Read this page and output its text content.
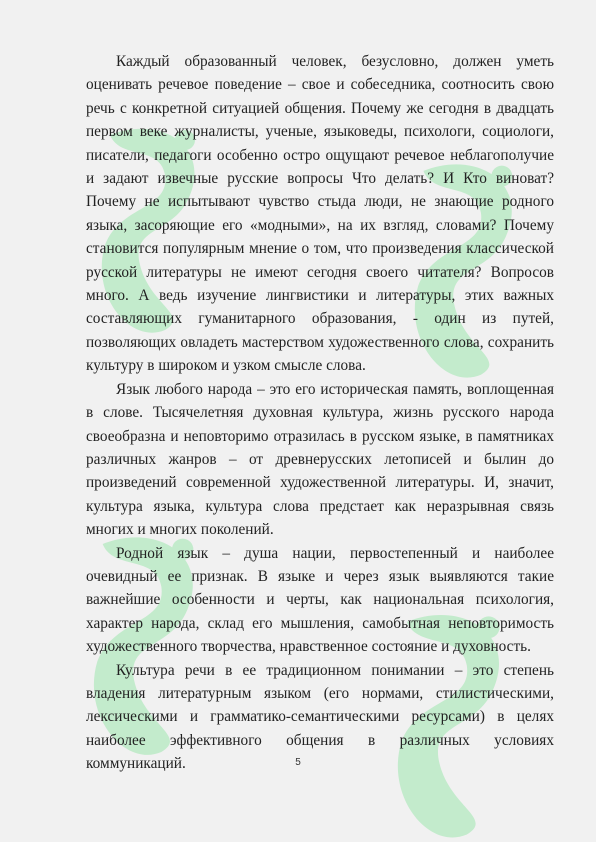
Каждый образованный человек, безусловно, должен уметь оценивать речевое поведение – свое и собеседника, соотносить свою речь с конкретной ситуацией общения. Почему же сегодня в двадцать первом веке журналисты, ученые, языковеды, психологи, социологи, писатели, педагоги особенно остро ощущают речевое неблагополучие и задают извечные русские вопросы Что делать? И Кто виноват? Почему не испытывают чувство стыда люди, не знающие родного языка, засоряющие его «модными», на их взгляд, словами? Почему становится популярным мнение о том, что произведения классической русской литературы не имеют сегодня своего читателя? Вопросов много. А ведь изучение лингвистики и литературы, этих важных составляющих гуманитарного образования, - один из путей, позволяющих овладеть мастерством художественного слова, сохранить культуру в широком и узком смысле слова.

Язык любого народа – это его историческая память, воплощенная в слове. Тысячелетняя духовная культура, жизнь русского народа своеобразна и неповторимо отразилась в русском языке, в памятниках различных жанров – от древнерусских летописей и былин до произведений современной художественной литературы. И, значит, культура языка, культура слова предстает как неразрывная связь многих и многих поколений.

Родной язык – душа нации, первостепенный и наиболее очевидный ее признак. В языке и через язык выявляются такие важнейшие особенности и черты, как национальная психология, характер народа, склад его мышления, самобытная неповторимость художественного творчества, нравственное состояние и духовность.

Культура речи в ее традиционном понимании – это степень владения литературным языком (его нормами, стилистическими, лексическими и грамматико-семантическими ресурсами) в целях наиболее эффективного общения в различных условиях коммуникаций.	5
